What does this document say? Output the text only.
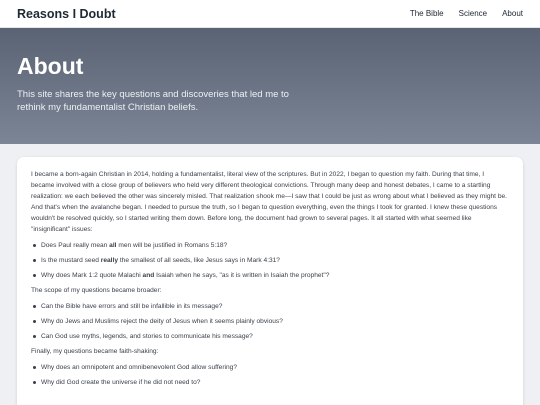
Reasons I Doubt	The Bible Science About
About

This site shares the key questions and discoveries that led me to rethink my fundamentalist Christian beliefs.

I became a born-again Christian in 2014, holding a fundamentalist, literal view of the scriptures. But in 2022, I began to question my faith. During that time, I became involved with a close group of believers who held very different theological convictions. Through many deep and honest debates, I came to a startling realization: we each believed the other was sincerely misled. That realization shook me—I saw that I could be just as wrong about what I believed as they might be. And that's when the avalanche began. I needed to pursue the truth, so I began to question everything, even the things I took for granted. I knew these questions wouldn't be resolved quickly, so I started writing them down. Before long, the document had grown to several pages. It all started with what seemed like "insignificant" issues:

Does Paul really mean all men will be justified in Romans 5:18?
Is the mustard seed really the smallest of all seeds, like Jesus says in Mark 4:31?
Why does Mark 1:2 quote Malachi and Isaiah when he says, "as it is written in Isaiah the prophet"?

The scope of my questions became broader:

Can the Bible have errors and still be infallible in its message?
Why do Jews and Muslims reject the deity of Jesus when it seems plainly obvious?
Can God use myths, legends, and stories to communicate his message?

Finally, my questions became faith-shaking:

Why does an omnipotent and omnibenevolent God allow suffering?
Why did God create the universe if he did not need to?
